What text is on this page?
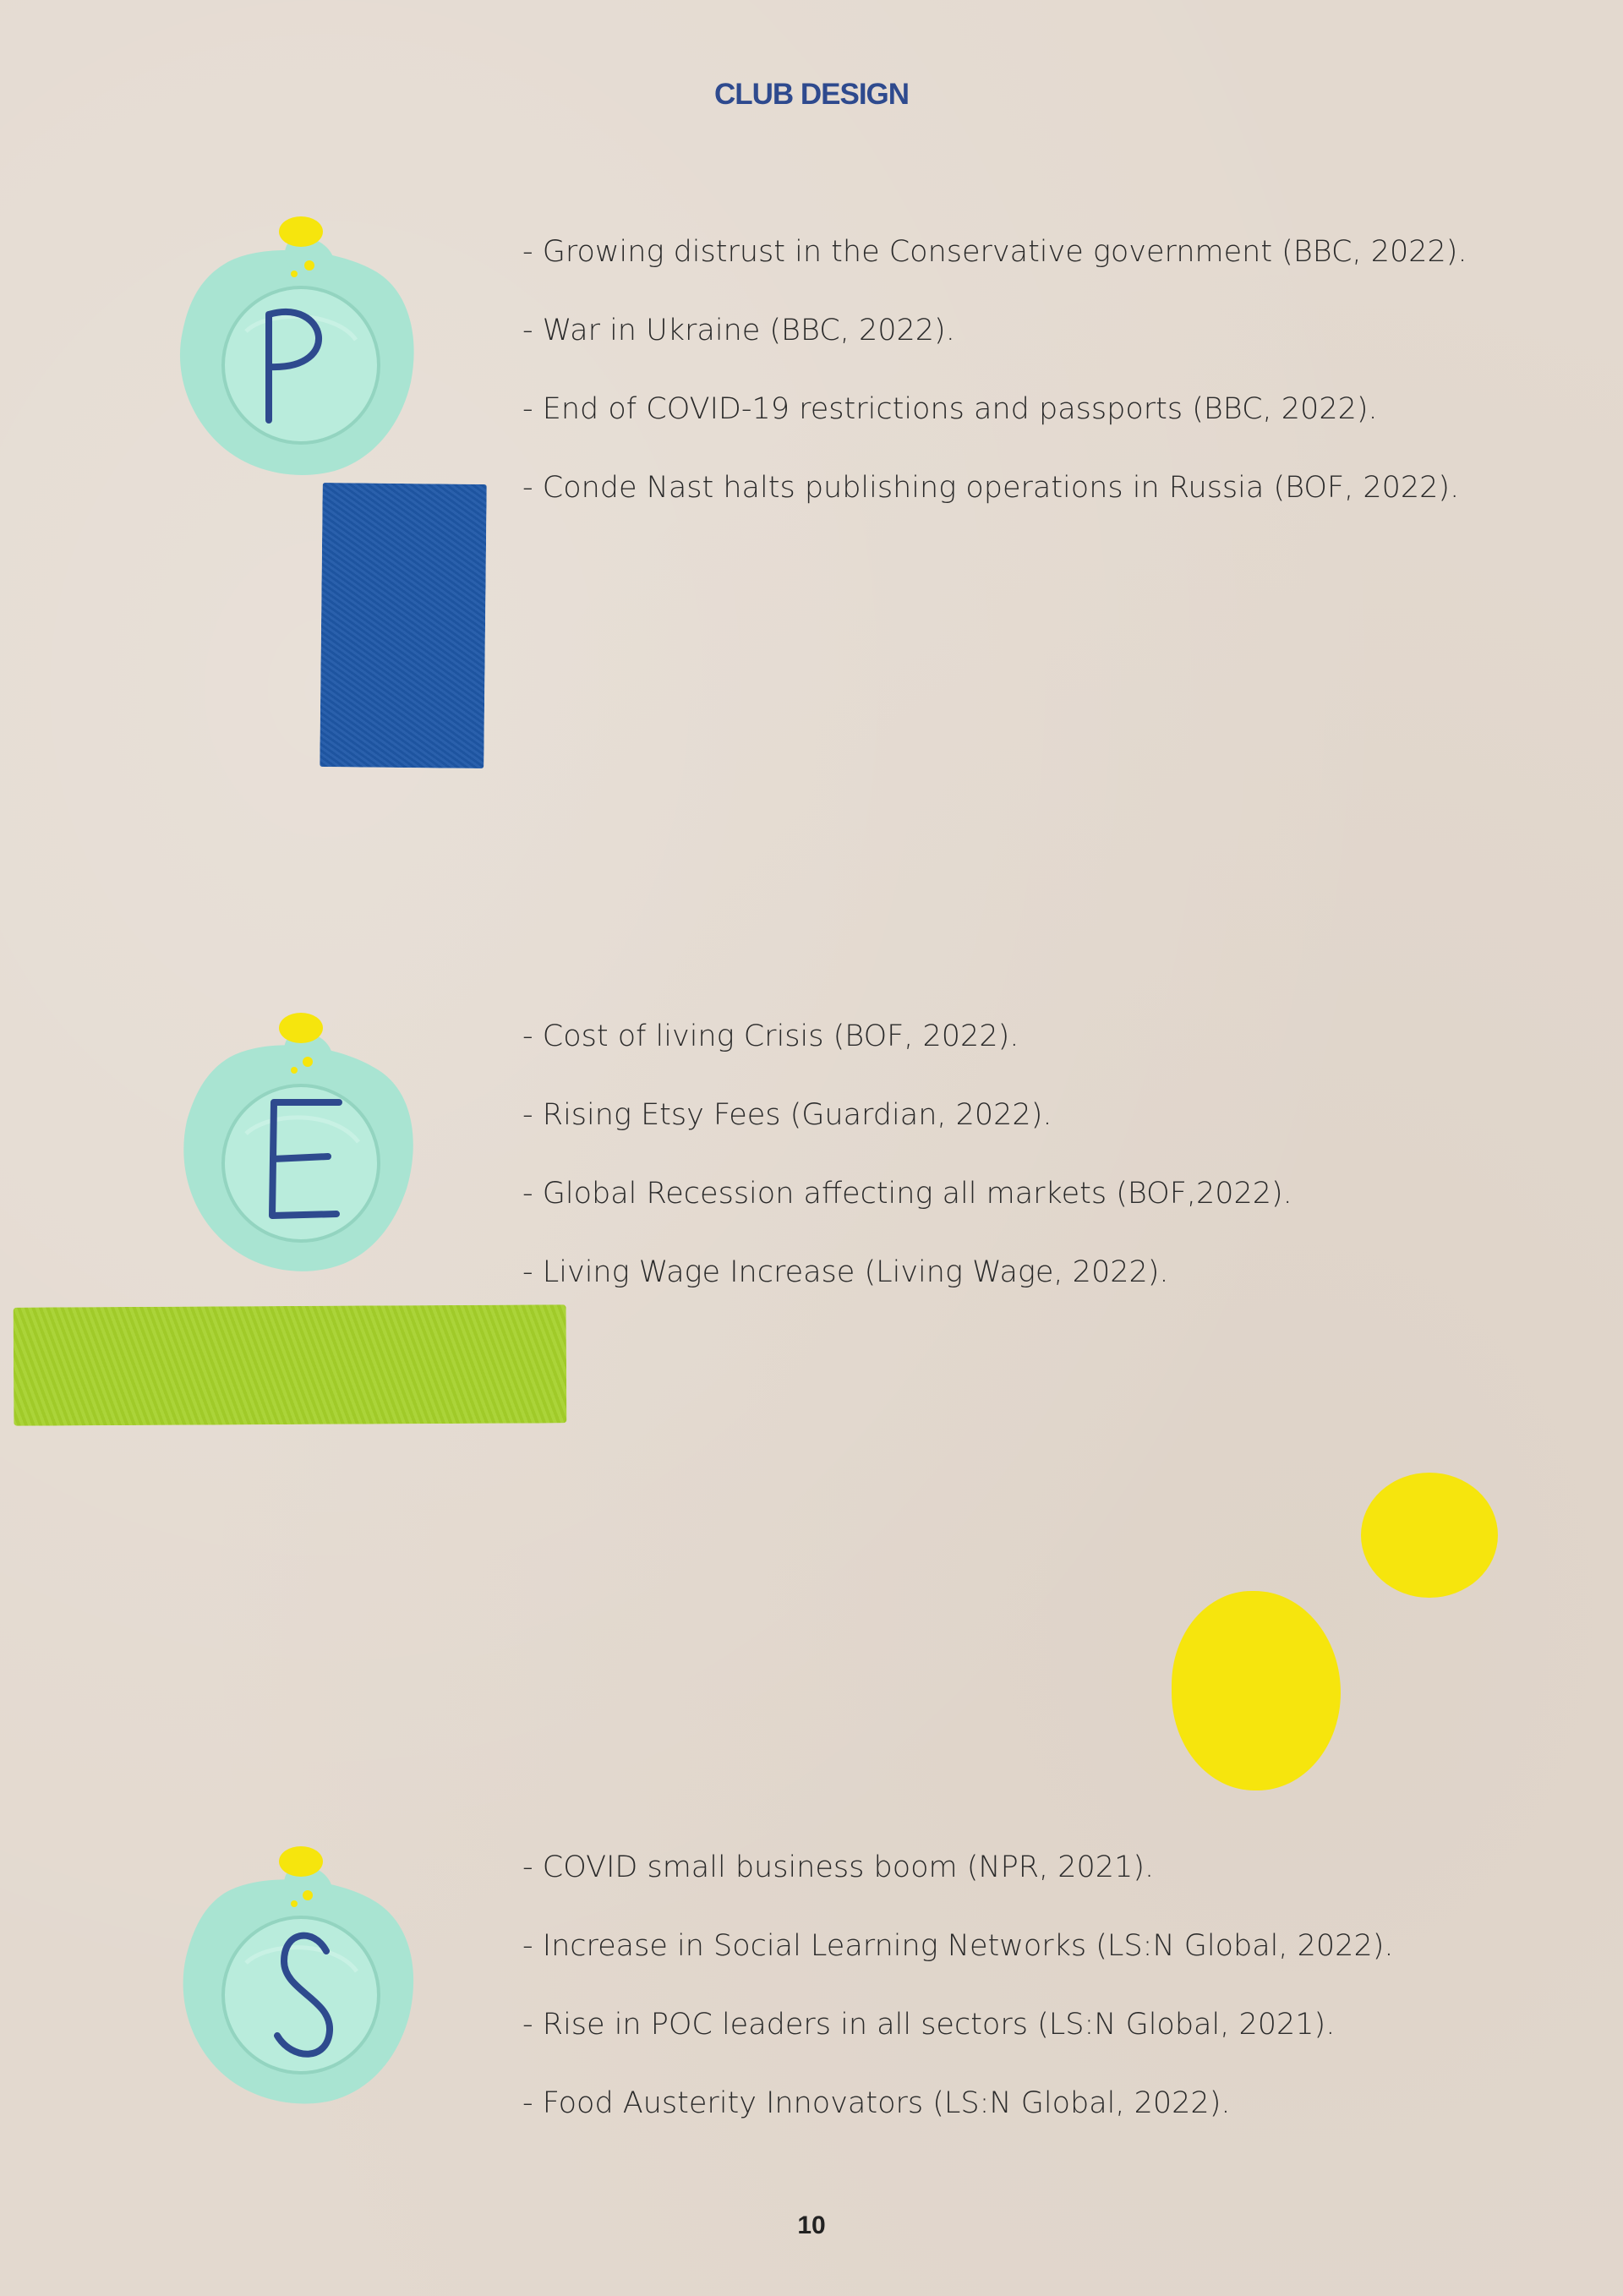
CLUB DESIGN
- Growing distrust in the Conservative government (BBC, 2022).
- War in Ukraine (BBC, 2022).
- End of COVID-19 restrictions and passports (BBC, 2022).
- Conde Nast halts publishing operations in Russia (BOF, 2022).
- Cost of living Crisis (BOF, 2022).
- Rising Etsy Fees (Guardian, 2022).
- Global Recession affecting all markets (BOF,2022).
- Living Wage Increase (Living Wage, 2022).
- COVID small business boom (NPR, 2021).
- Increase in Social Learning Networks (LS:N Global, 2022).
- Rise in POC leaders in all sectors (LS:N Global, 2021).
- Food Austerity Innovators (LS:N Global, 2022).
10
